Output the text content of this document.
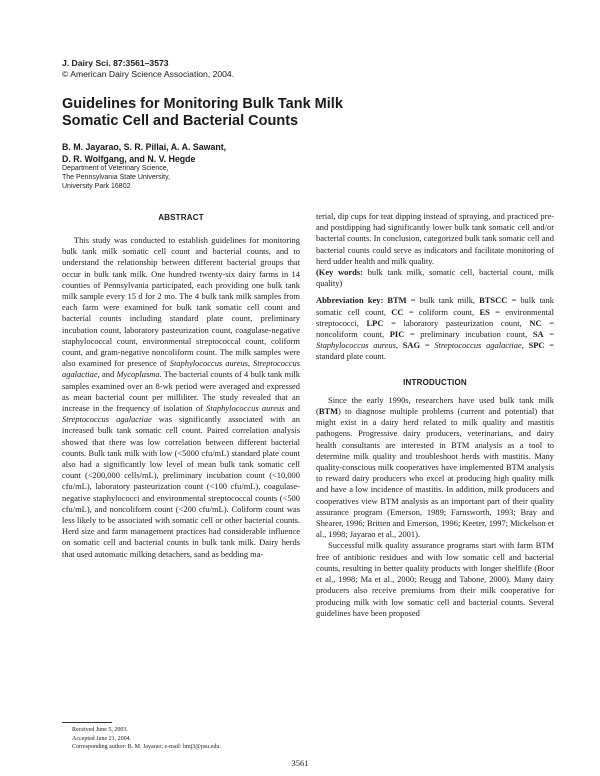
J. Dairy Sci. 87:3561–3573
© American Dairy Science Association, 2004.
Guidelines for Monitoring Bulk Tank Milk Somatic Cell and Bacterial Counts
B. M. Jayarao, S. R. Pillai, A. A. Sawant,
D. R. Wolfgang, and N. V. Hegde
Department of Veterinary Science,
The Pennsylvania State University,
University Park 16802
ABSTRACT

This study was conducted to establish guidelines for monitoring bulk tank milk somatic cell count and bacterial counts, and to understand the relationship between different bacterial groups that occur in bulk tank milk. One hundred twenty-six dairy farms in 14 counties of Pennsylvania participated, each providing one bulk tank milk sample every 15 d for 2 mo. The 4 bulk tank milk samples from each farm were examined for bulk tank somatic cell count and bacterial counts including standard plate count, preliminary incubation count, laboratory pasteurization count, coagulase-negative staphylococcal count, environmental streptococcal count, coliform count, and gram-negative noncoliform count. The milk samples were also examined for presence of Staphylococcus aureus, Streptococcus agalactiae, and Mycoplasma. The bacterial counts of 4 bulk tank milk samples examined over an 8-wk period were averaged and expressed as mean bacterial count per milliliter. The study revealed that an increase in the frequency of isolation of Staphylococcus aureus and Streptococcus agalactiae was significantly associated with an increased bulk tank somatic cell count. Paired correlation analysis showed that there was low correlation between different bacterial counts. Bulk tank milk with low (<5000 cfu/mL) standard plate count also had a significantly low level of mean bulk tank somatic cell count (<200,000 cells/mL), preliminary incubation count (<10,000 cfu/mL), laboratory pasteurization count (<100 cfu/mL), coagulase-negative staphylococci and environmental streptococcal counts (<500 cfu/mL), and noncoliform count (<200 cfu/mL). Coliform count was less likely to be associated with somatic cell or other bacterial counts. Herd size and farm management practices had considerable influence on somatic cell and bacterial counts in bulk tank milk. Dairy herds that used automatic milking detachers, sand as bedding ma-

Received June 5, 2003.
Accepted June 21, 2004.
Corresponding author: B. M. Jayarao; e-mail: bmj3@psu.edu.

terial, dip cups for teat dipping instead of spraying, and practiced pre- and postdipping had significantly lower bulk tank somatic cell and/or bacterial counts. In conclusion, categorized bulk tank somatic cell and bacterial counts could serve as indicators and facilitate monitoring of herd udder health and milk quality.

(Key words: bulk tank milk, somatic cell, bacterial count, milk quality)

Abbreviation key: BTM = bulk tank milk, BTSCC = bulk tank somatic cell count, CC = coliform count, ES = environmental streptococci, LPC = laboratory pasteurization count, NC = noncoliform count, PIC = preliminary incubation count, SA = Staphylococcus aureus, SAG = Streptococcus agalactiae, SPC = standard plate count.

INTRODUCTION

Since the early 1990s, researchers have used bulk tank milk (BTM) to diagnose multiple problems (current and potential) that might exist in a dairy herd related to milk quality and mastitis pathogens. Progressive dairy producers, veterinarians, and dairy health consultants are interested in BTM analysis as a tool to determine milk quality and troubleshoot herds with mastitis. Many quality-conscious milk cooperatives have implemented BTM analysis to reward dairy producers who excel at producing high quality milk and have a low incidence of mastitis. In addition, milk producers and cooperatives view BTM analysis as an important part of their quality assurance program (Emerson, 1989; Farnsworth, 1993; Bray and Shearer, 1996; Britten and Emerson, 1996; Keeter, 1997; Mickelson et al., 1998; Jayarao et al., 2001).

Successful milk quality assurance programs start with farm BTM free of antibiotic residues and with low somatic cell and bacterial counts, resulting in better quality products with longer shelflife (Boor et al., 1998; Ma et al., 2000; Reugg and Tabone, 2000). Many dairy producers also receive premiums from their milk cooperative for producing milk with low somatic cell and bacterial counts. Several guidelines have been proposed

3561
